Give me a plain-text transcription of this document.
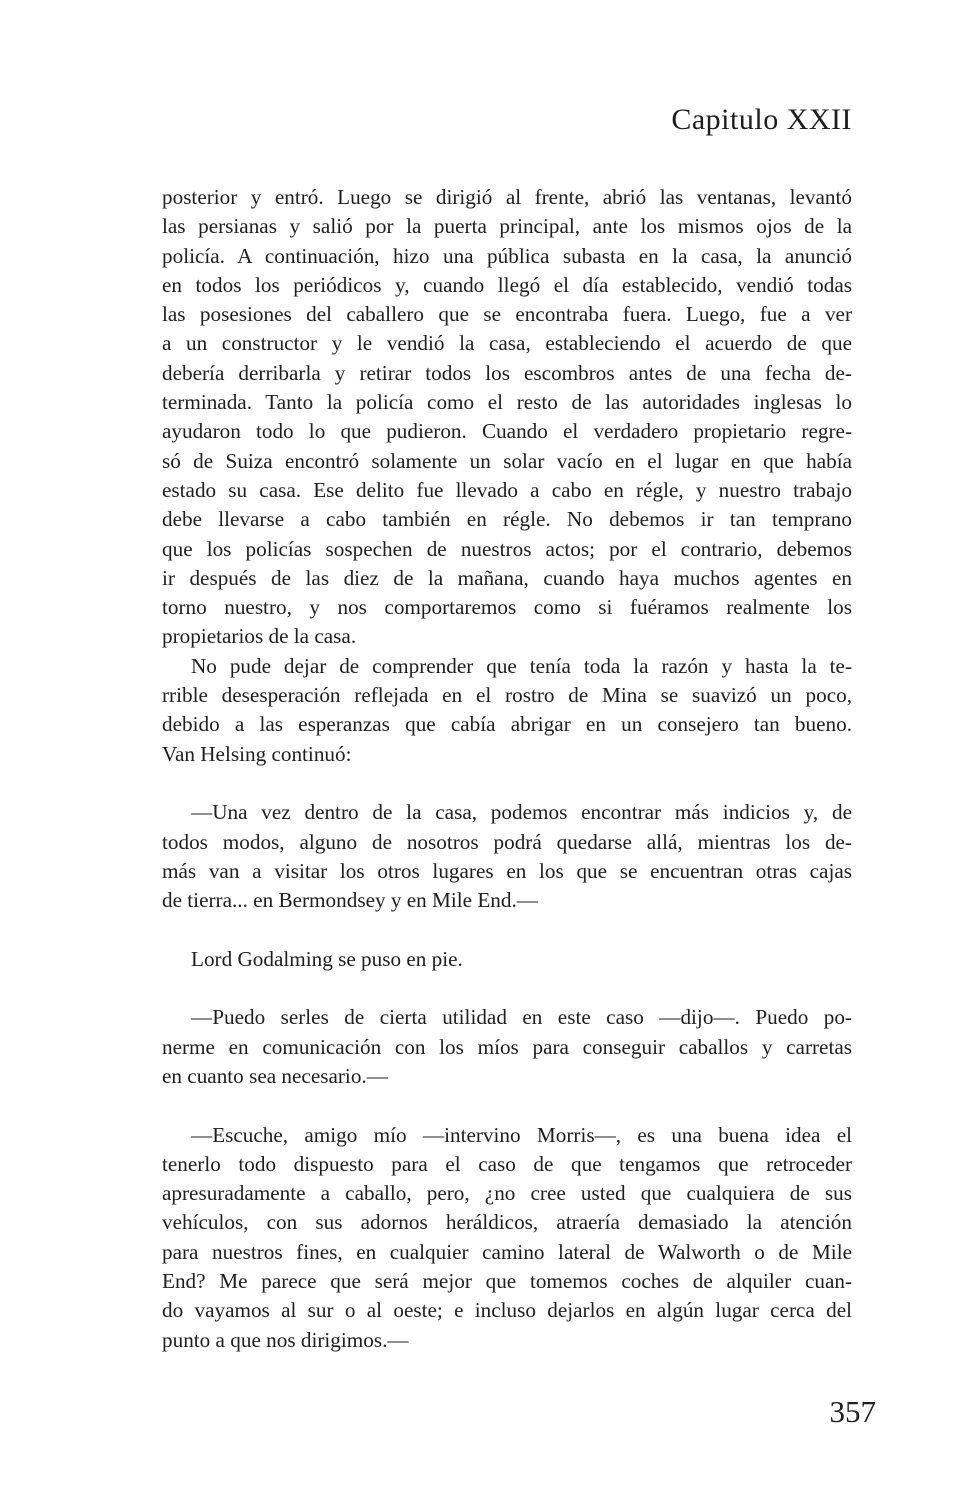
Capitulo XXII
posterior y entró. Luego se dirigió al frente, abrió las ventanas, levantó
las persianas y salió por la puerta principal, ante los mismos ojos de la
policía. A continuación, hizo una pública subasta en la casa, la anunció
en todos los periódicos y, cuando llegó el día establecido, vendió todas
las posesiones del caballero que se encontraba fuera. Luego, fue a ver
a un constructor y le vendió la casa, estableciendo el acuerdo de que
debería derribarla y retirar todos los escombros antes de una fecha de-
terminada. Tanto la policía como el resto de las autoridades inglesas lo
ayudaron todo lo que pudieron. Cuando el verdadero propietario regre-
só de Suiza encontró solamente un solar vacío en el lugar en que había
estado su casa. Ese delito fue llevado a cabo en régle, y nuestro trabajo
debe llevarse a cabo también en régle. No debemos ir tan temprano
que los policías sospechen de nuestros actos; por el contrario, debemos
ir después de las diez de la mañana, cuando haya muchos agentes en
torno nuestro, y nos comportaremos como si fuéramos realmente los
propietarios de la casa.
No pude dejar de comprender que tenía toda la razón y hasta la te-
rrible desesperación reflejada en el rostro de Mina se suavizó un poco,
debido a las esperanzas que cabía abrigar en un consejero tan bueno.
Van Helsing continuó:
—Una vez dentro de la casa, podemos encontrar más indicios y, de
todos modos, alguno de nosotros podrá quedarse allá, mientras los de-
más van a visitar los otros lugares en los que se encuentran otras cajas
de tierra... en Bermondsey y en Mile End.—
Lord Godalming se puso en pie.
—Puedo serles de cierta utilidad en este caso —dijo—. Puedo po-
nerme en comunicación con los míos para conseguir caballos y carretas
en cuanto sea necesario.—
—Escuche, amigo mío —intervino Morris—, es una buena idea el
tenerlo todo dispuesto para el caso de que tengamos que retroceder
apresuradamente a caballo, pero, ¿no cree usted que cualquiera de sus
vehículos, con sus adornos heráldicos, atraería demasiado la atención
para nuestros fines, en cualquier camino lateral de Walworth o de Mile
End? Me parece que será mejor que tomemos coches de alquiler cuan-
do vayamos al sur o al oeste; e incluso dejarlos en algún lugar cerca del
punto a que nos dirigimos.—
357
